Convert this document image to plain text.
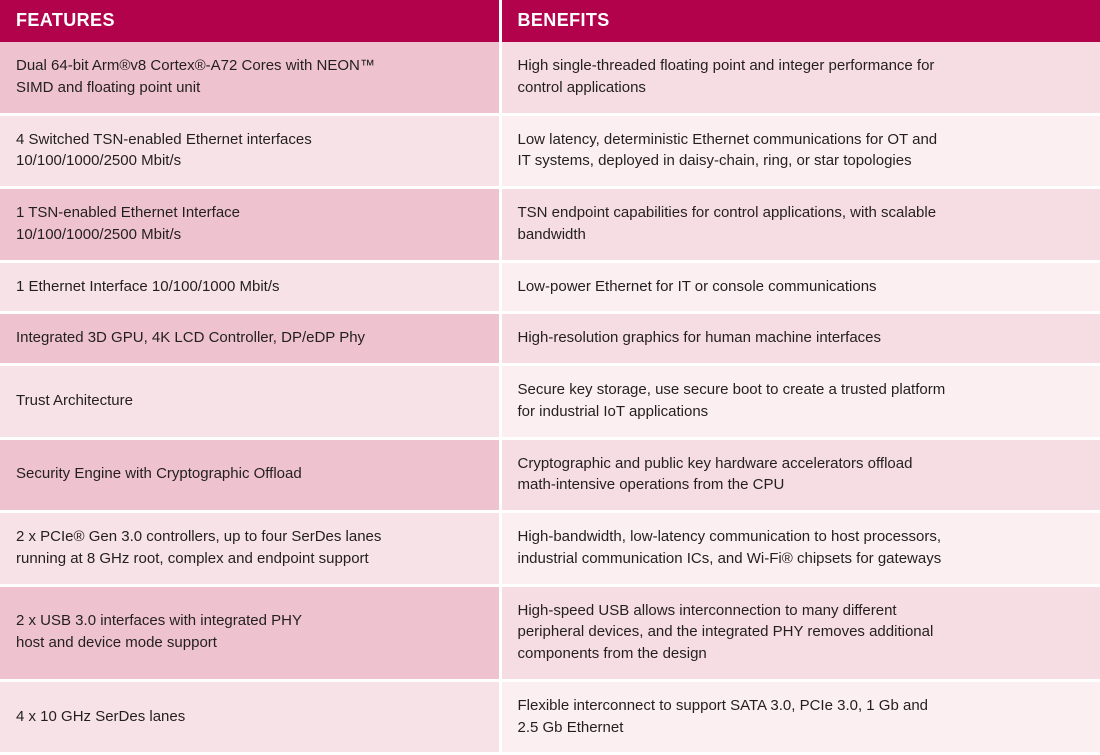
FEATURES	BENEFITS

Dual 64-bit Arm®v8 Cortex®-A72 Cores with NEON™
SIMD and floating point unit	High single-threaded floating point and integer performance for
control applications

4 Switched TSN-enabled Ethernet interfaces
10/100/1000/2500 Mbit/s	Low latency, deterministic Ethernet communications for OT and
IT systems, deployed in daisy-chain, ring, or star topologies

1 TSN-enabled Ethernet Interface
10/100/1000/2500 Mbit/s	TSN endpoint capabilities for control applications, with scalable
bandwidth

1 Ethernet Interface 10/100/1000 Mbit/s	Low-power Ethernet for IT or console communications

Integrated 3D GPU, 4K LCD Controller, DP/eDP Phy	High-resolution graphics for human machine interfaces

Trust Architecture	Secure key storage, use secure boot to create a trusted platform
for industrial IoT applications

Security Engine with Cryptographic Offload	Cryptographic and public key hardware accelerators offload
math-intensive operations from the CPU

2 x PCIe® Gen 3.0 controllers, up to four SerDes lanes
running at 8 GHz root, complex and endpoint support	High-bandwidth, low-latency communication to host processors,
industrial communication ICs, and Wi-Fi® chipsets for gateways

2 x USB 3.0 interfaces with integrated PHY
host and device mode support	High-speed USB allows interconnection to many different
peripheral devices, and the integrated PHY removes additional
components from the design

4 x 10 GHz SerDes lanes	Flexible interconnect to support SATA 3.0, PCIe 3.0, 1 Gb and
2.5 Gb Ethernet
